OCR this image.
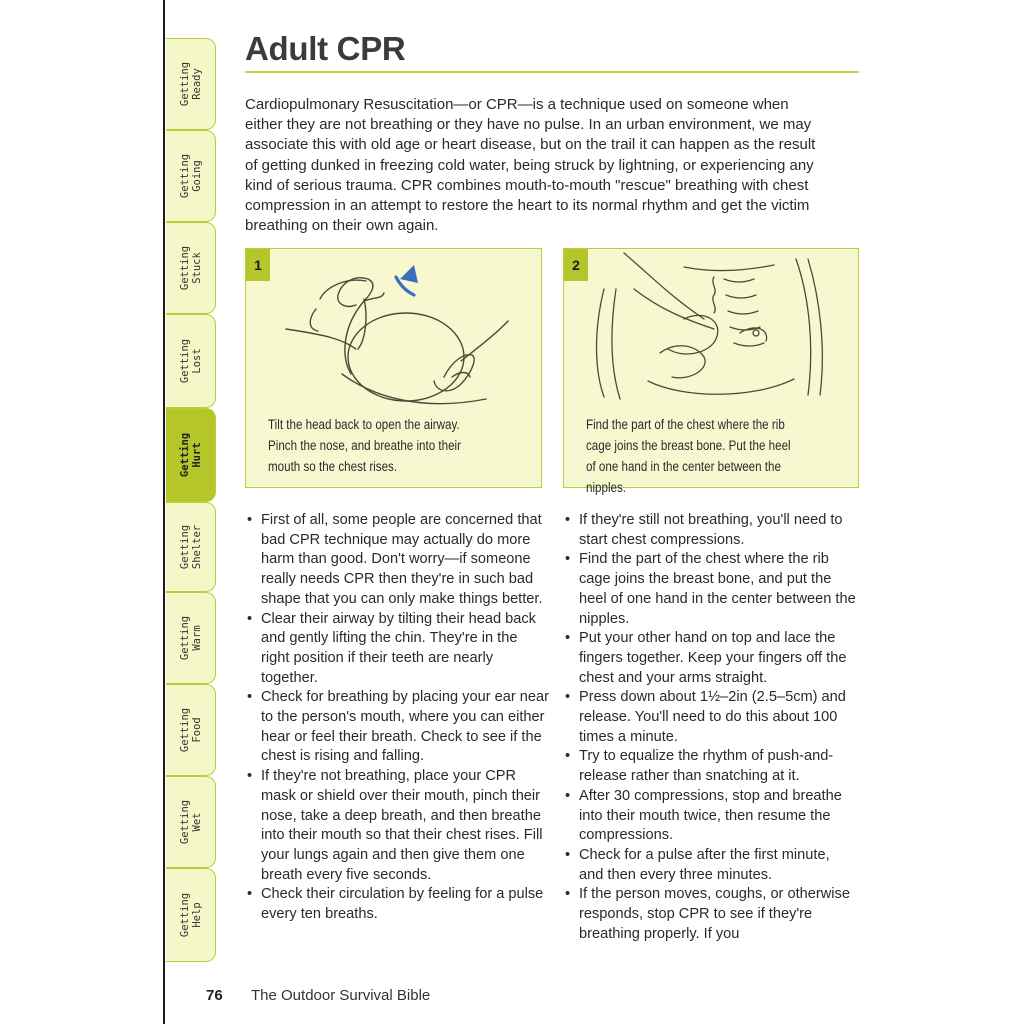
Getting Ready
Getting Going
Getting Stuck
Getting Lost
Getting Hurt
Getting Shelter
Getting Warm
Getting Food
Getting Wet
Getting Help
Adult CPR

Cardiopulmonary Resuscitation—or CPR—is a technique used on someone when either they are not breathing or they have no pulse. In an urban environment, we may associate this with old age or heart disease, but on the trail it can happen as the result of getting dunked in freezing cold water, being struck by lightning, or experiencing any kind of serious trauma. CPR combines mouth-to-mouth "rescue" breathing with chest compression in an attempt to restore the heart to its normal rhythm and get the victim breathing on their own again.

1
Tilt the head back to open the airway. Pinch the nose, and breathe into their mouth so the chest rises.
2
Find the part of the chest where the rib cage joins the breast bone. Put the heel of one hand in the center between the nipples.
• First of all, some people are concerned that bad CPR technique may actually do more harm than good. Don't worry—if someone really needs CPR then they're in such bad shape that you can only make things better.
• Clear their airway by tilting their head back and gently lifting the chin. They're in the right position if their teeth are nearly together.
• Check for breathing by placing your ear near to the person's mouth, where you can either hear or feel their breath. Check to see if the chest is rising and falling.
• If they're not breathing, place your CPR mask or shield over their mouth, pinch their nose, take a deep breath, and then breathe into their mouth so that their chest rises. Fill your lungs again and then give them one breath every five seconds.
• Check their circulation by feeling for a pulse every ten breaths.
• If they're still not breathing, you'll need to start chest compressions.
• Find the part of the chest where the rib cage joins the breast bone, and put the heel of one hand in the center between the nipples.
• Put your other hand on top and lace the fingers together. Keep your fingers off the chest and your arms straight.
• Press down about 1½–2in (2.5–5cm) and release. You'll need to do this about 100 times a minute.
• Try to equalize the rhythm of push-and-release rather than snatching at it.
• After 30 compressions, stop and breathe into their mouth twice, then resume the compressions.
• Check for a pulse after the first minute, and then every three minutes.
• If the person moves, coughs, or otherwise responds, stop CPR to see if they're breathing properly. If you
76 The Outdoor Survival Bible
